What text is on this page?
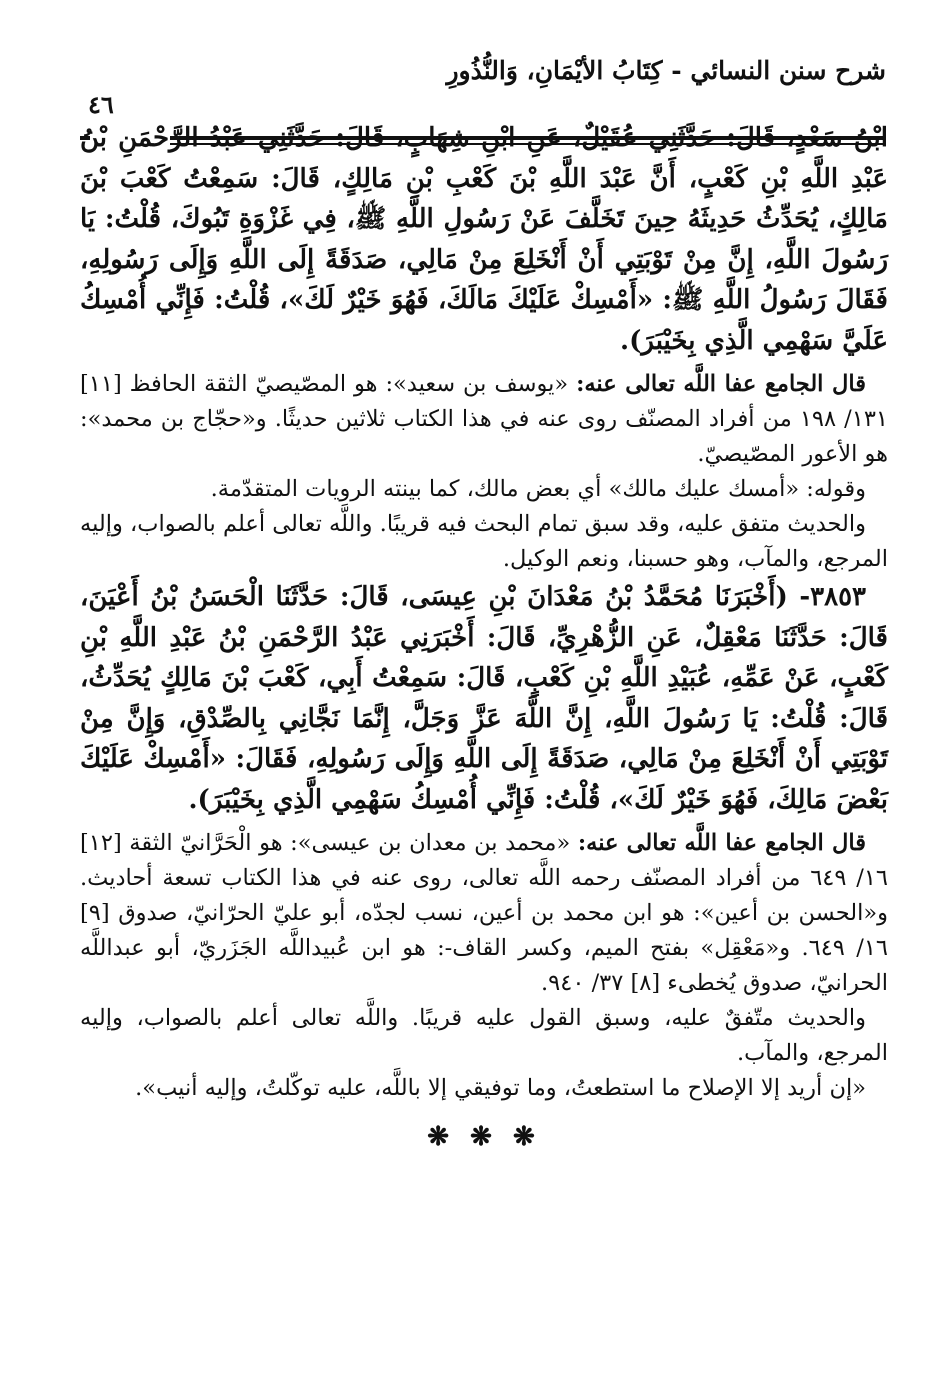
شرح سنن النسائي - كِتَابُ الأيْمَانِ، وَالنُّذُورِ
٤٦

ابْنُ سَعْدٍ، قَالَ: حَدَّثَنِي عُقَيْلٌ، عَنِ ابْنِ شِهَابٍ، قَالَ: حَدَّثَنِي عَبْدُ الرَّحْمَنِ بْنُ عَبْدِ اللَّهِ بْنِ كَعْبٍ، أَنَّ عَبْدَ اللَّهِ بْنَ كَعْبِ بْنِ مَالِكٍ، قَالَ: سَمِعْتُ كَعْبَ بْنَ مَالِكٍ، يُحَدِّثُ حَدِيثَهُ حِينَ تَخَلَّفَ عَنْ رَسُولِ اللَّهِ ﷺ، فِي غَزْوَةِ تَبُوكَ، قُلْتُ: يَا رَسُولَ اللَّهِ، إِنَّ مِنْ تَوْبَتِي أَنْ أَنْخَلِعَ مِنْ مَالِي، صَدَقَةً إِلَى اللَّهِ وَإِلَى رَسُولِهِ، فَقَالَ رَسُولُ اللَّهِ ﷺ: «أَمْسِكْ عَلَيْكَ مَالَكَ، فَهُوَ خَيْرٌ لَكَ»، قُلْتُ: فَإِنِّي أُمْسِكُ عَلَيَّ سَهْمِي الَّذِي بِخَيْبَرَ).

قال الجامع عفا اللَّه تعالى عنه: «يوسف بن سعيد»: هو المصّيصيّ الثقة الحافظ [١١] ١٣١/ ١٩٨ من أفراد المصنّف روى عنه في هذا الكتاب ثلاثين حديثًا. و«حجّاج بن محمد»: هو الأعور المصّيصيّ.

وقوله: «أمسك عليك مالك» أي بعض مالك، كما بينته الرويات المتقدّمة.

والحديث متفق عليه، وقد سبق تمام البحث فيه قريبًا. واللَّه تعالى أعلم بالصواب، وإليه المرجع، والمآب، وهو حسبنا، ونعم الوكيل.

٣٨٥٣- (أَخْبَرَنَا مُحَمَّدُ بْنُ مَعْدَانَ بْنِ عِيسَى، قَالَ: حَدَّثَنَا الْحَسَنُ بْنُ أَعْيَنَ، قَالَ: حَدَّثَنَا مَعْقِلٌ، عَنِ الزُّهْرِيِّ، قَالَ: أَخْبَرَنِي عَبْدُ الرَّحْمَنِ بْنُ عَبْدِ اللَّهِ بْنِ كَعْبٍ، عَنْ عَمِّهِ، عُبَيْدِ اللَّهِ بْنِ كَعْبٍ، قَالَ: سَمِعْتُ أَبِي، كَعْبَ بْنَ مَالِكٍ يُحَدِّثُ، قَالَ: قُلْتُ: يَا رَسُولَ اللَّهِ، إِنَّ اللَّهَ عَزَّ وَجَلَّ، إِنَّمَا نَجَّانِي بِالصِّدْقِ، وَإِنَّ مِنْ تَوْبَتِي أَنْ أَنْخَلِعَ مِنْ مَالِي، صَدَقَةً إِلَى اللَّهِ وَإِلَى رَسُولِهِ، فَقَالَ: «أَمْسِكْ عَلَيْكَ بَعْضَ مَالِكَ، فَهُوَ خَيْرٌ لَكَ»، قُلْتُ: فَإِنِّي أُمْسِكُ سَهْمِي الَّذِي بِخَيْبَرَ).

قال الجامع عفا اللَّه تعالى عنه: «محمد بن معدان بن عيسى»: هو الْحَرَّانيّ الثقة [١٢] ١٦/ ٦٤٩ من أفراد المصنّف رحمه اللَّه تعالى، روى عنه في هذا الكتاب تسعة أحاديث. و«الحسن بن أعين»: هو ابن محمد بن أعين، نسب لجدّه، أبو عليّ الحرّانيّ، صدوق [٩] ١٦/ ٦٤٩. و«مَعْقِل» بفتح الميم، وكسر القاف-: هو ابن عُبيداللَّه الجَزَريّ، أبو عبداللَّه الحرانيّ، صدوق يُخطىء [٨] ٣٧/ ٩٤٠.

والحديث متّفقٌ عليه، وسبق القول عليه قريبًا. واللَّه تعالى أعلم بالصواب، وإليه المرجع، والمآب.

«إن أريد إلا الإصلاح ما استطعتُ، وما توفيقي إلا باللَّه، عليه توكّلتُ، وإليه أنيب».

❋ ❋ ❋
